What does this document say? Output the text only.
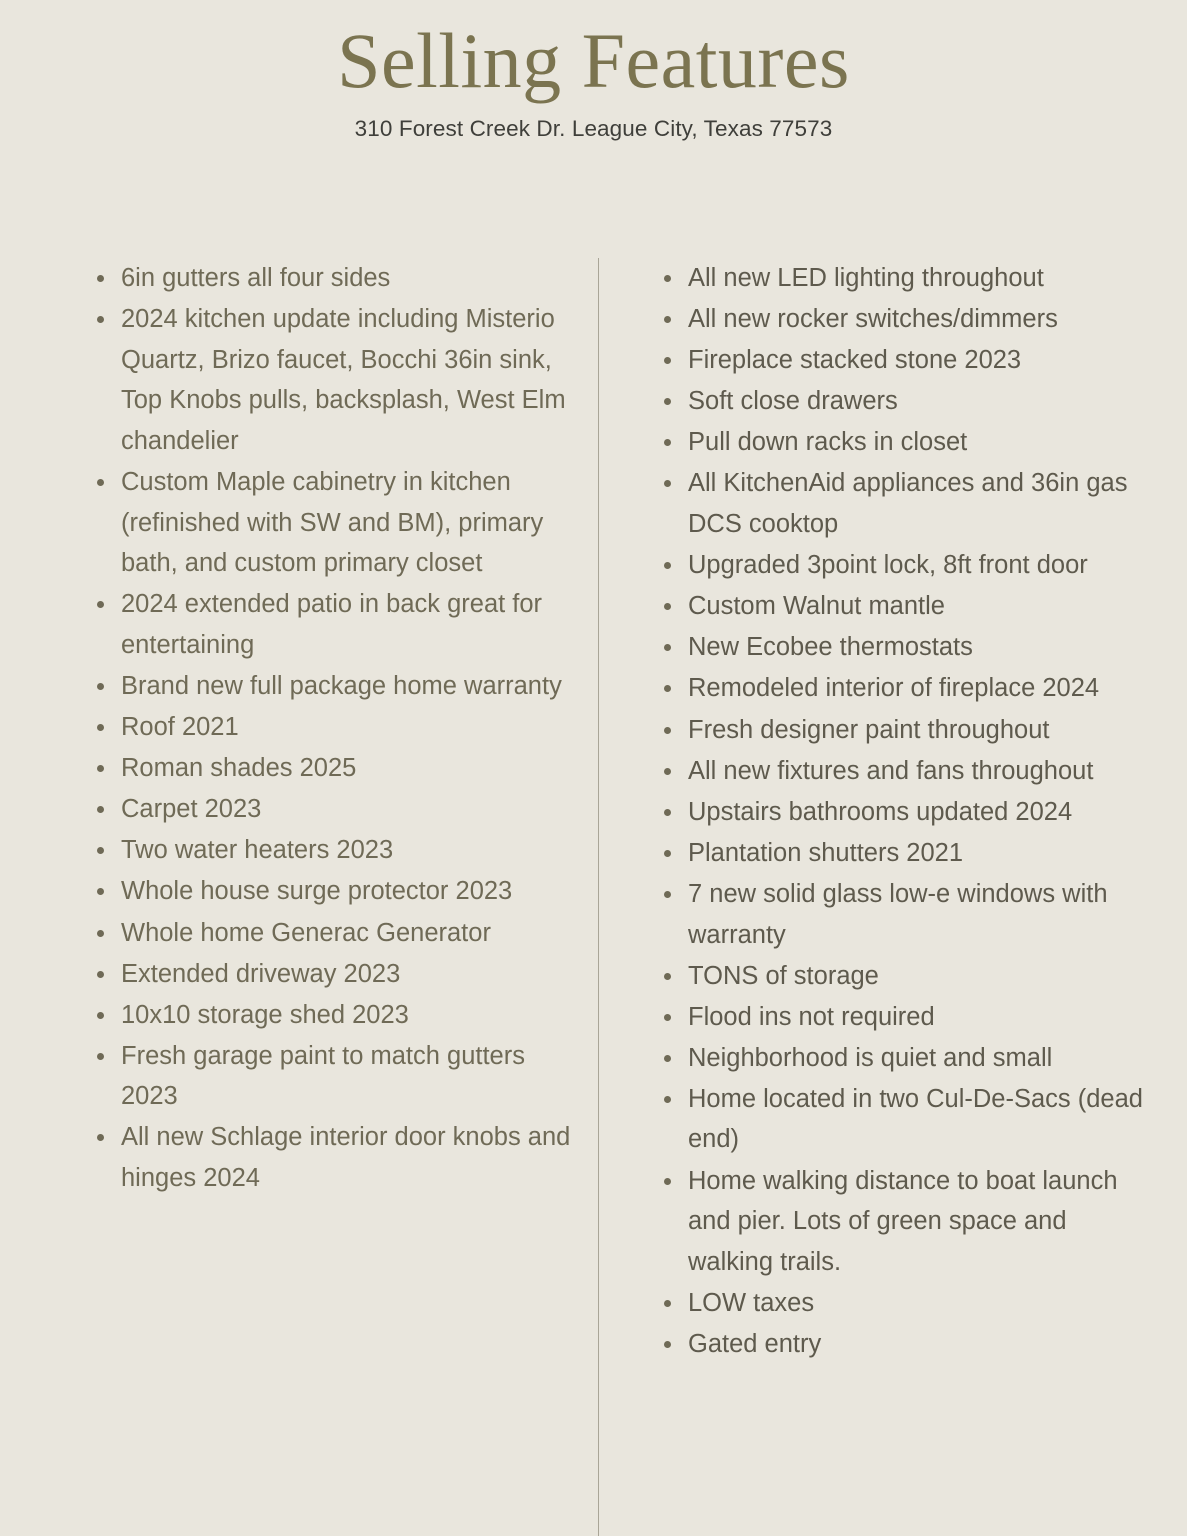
Selling Features

310 Forest Creek Dr. League City, Texas 77573

6in gutters all four sides
2024 kitchen update including Misterio Quartz, Brizo faucet, Bocchi 36in sink, Top Knobs pulls, backsplash, West Elm chandelier
Custom Maple cabinetry in kitchen (refinished with SW and BM), primary bath, and custom primary closet
2024 extended patio in back great for entertaining
Brand new full package home warranty
Roof 2021
Roman shades 2025
Carpet 2023
Two water heaters 2023
Whole house surge protector 2023
Whole home Generac Generator
Extended driveway 2023
10x10 storage shed 2023
Fresh garage paint to match gutters 2023
All new Schlage interior door knobs and hinges 2024
All new LED lighting throughout
All new rocker switches/dimmers
Fireplace stacked stone 2023
Soft close drawers
Pull down racks in closet
All KitchenAid appliances and 36in gas DCS cooktop
Upgraded 3point lock, 8ft front door
Custom Walnut mantle
New Ecobee thermostats
Remodeled interior of fireplace 2024
Fresh designer paint throughout
All new fixtures and fans throughout
Upstairs bathrooms updated 2024
Plantation shutters 2021
7 new solid glass low-e windows with warranty
TONS of storage
Flood ins not required
Neighborhood is quiet and small
Home located in two Cul-De-Sacs (dead end)
Home walking distance to boat launch and pier. Lots of green space and walking trails.
LOW taxes
Gated entry
